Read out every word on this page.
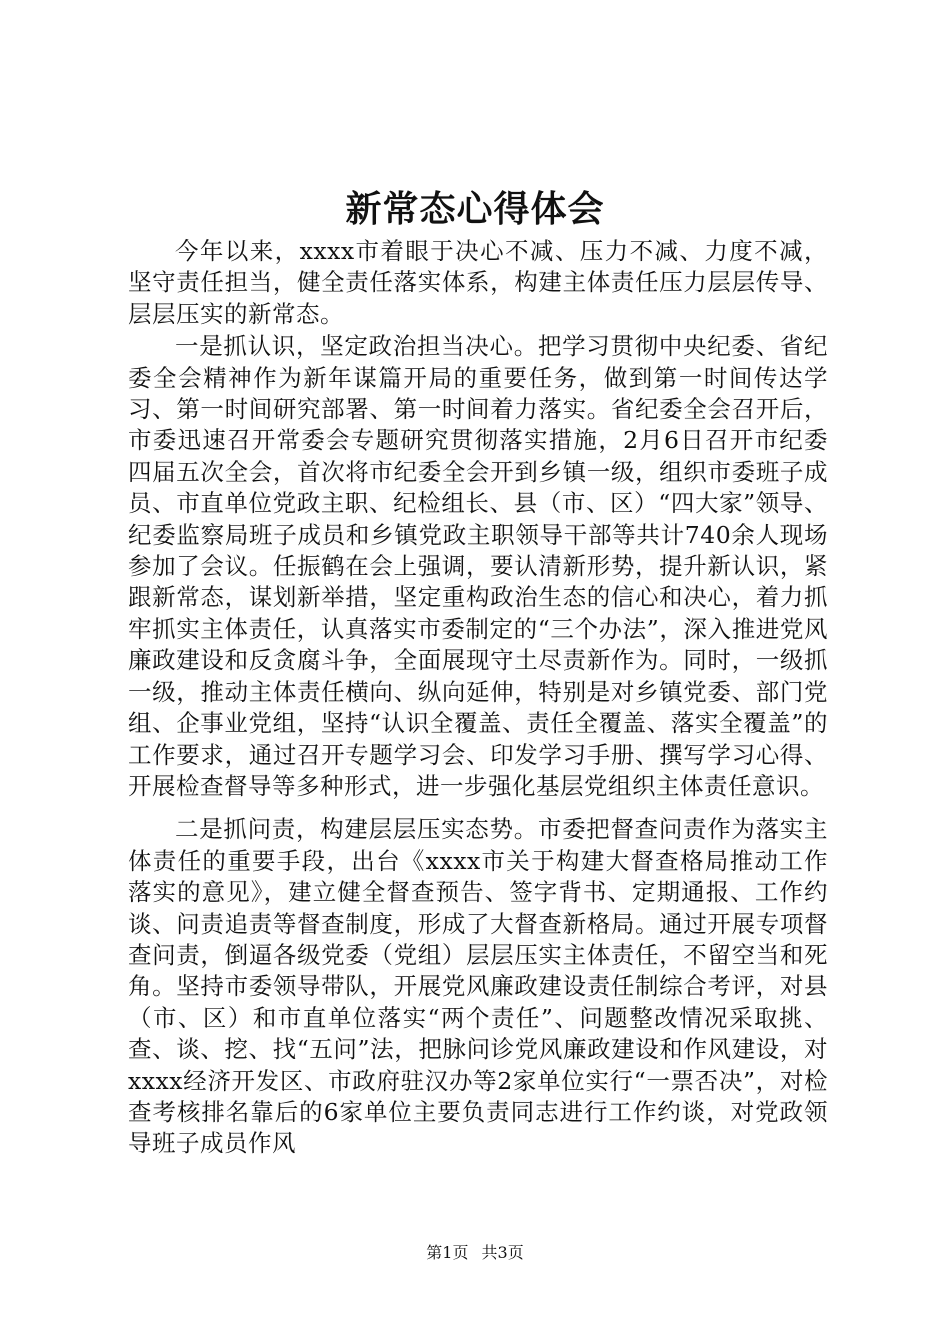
新常态心得体会

今年以来，xxxx市着眼于决心不减、压力不减、力度不减，坚守责任担当，健全责任落实体系，构建主体责任压力层层传导、层层压实的新常态。

一是抓认识，坚定政治担当决心。把学习贯彻中央纪委、省纪委全会精神作为新年谋篇开局的重要任务，做到第一时间传达学习、第一时间研究部署、第一时间着力落实。省纪委全会召开后，市委迅速召开常委会专题研究贯彻落实措施，2月6日召开市纪委四届五次全会，首次将市纪委全会开到乡镇一级，组织市委班子成员、市直单位党政主职、纪检组长、县（市、区）“四大家”领导、纪委监察局班子成员和乡镇党政主职领导干部等共计740余人现场参加了会议。任振鹤在会上强调，要认清新形势，提升新认识，紧跟新常态，谋划新举措，坚定重构政治生态的信心和决心，着力抓牢抓实主体责任，认真落实市委制定的“三个办法”，深入推进党风廉政建设和反贪腐斗争，全面展现守土尽责新作为。同时，一级抓一级，推动主体责任横向、纵向延伸，特别是对乡镇党委、部门党组、企事业党组，坚持“认识全覆盖、责任全覆盖、落实全覆盖”的工作要求，通过召开专题学习会、印发学习手册、撰写学习心得、开展检查督导等多种形式，进一步强化基层党组织主体责任意识。

二是抓问责，构建层层压实态势。市委把督查问责作为落实主体责任的重要手段，出台《xxxx市关于构建大督查格局推动工作落实的意见》，建立健全督查预告、签字背书、定期通报、工作约谈、问责追责等督查制度，形成了大督查新格局。通过开展专项督查问责，倒逼各级党委（党组）层层压实主体责任，不留空当和死角。坚持市委领导带队，开展党风廉政建设责任制综合考评，对县（市、区）和市直单位落实“两个责任”、问题整改情况采取挑、查、谈、挖、找“五问”法，把脉问诊党风廉政建设和作风建设，对xxxx经济开发区、市政府驻汉办等2家单位实行“一票否决”，对检查考核排名靠后的6家单位主要负责同志进行工作约谈，对党政领导班子成员作风

第1页 共3页
